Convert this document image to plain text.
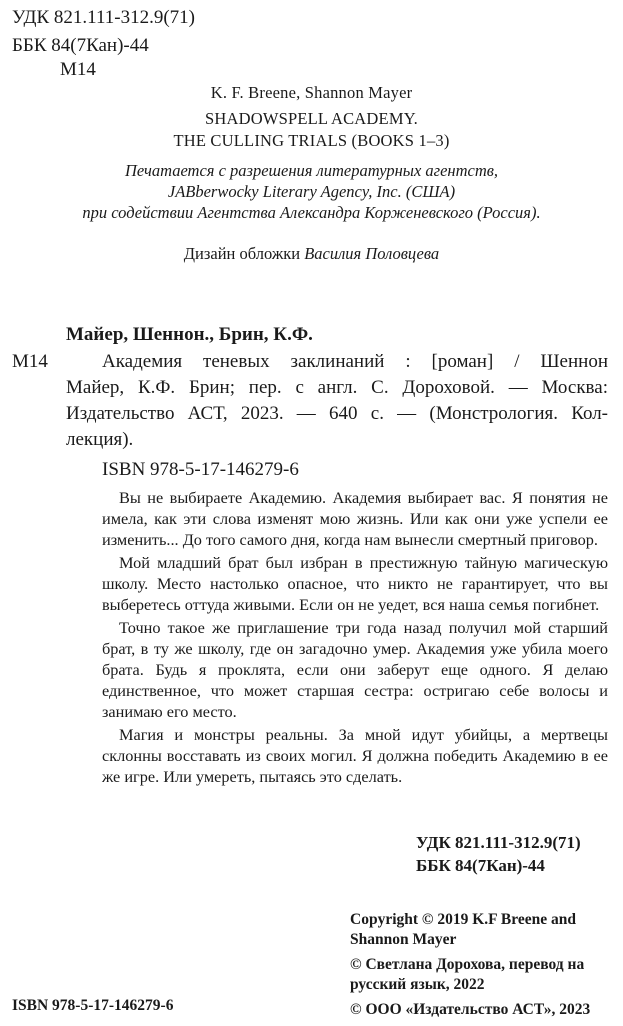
УДК 821.111-312.9(71)
ББК 84(7Кан)-44
М14
K. F. Breene, Shannon Mayer
SHADOWSPELL ACADEMY.
THE CULLING TRIALS (BOOKS 1–3)
Печатается с разрешения литературных агентств,
JABberwocky Literary Agency, Inc. (США)
при содействии Агентства Александра Корженевского (Россия).
Дизайн обложки Василия Половцева
Майер, Шеннон., Брин, К.Ф.
М14	Академия теневых заклинаний : [роман] / Шеннон
Майер, К.Ф. Брин; пер. с англ. С. Дороховой. — Москва:
Издательство АСТ, 2023. — 640 с. — (Монстрология. Кол-
лекция).
ISBN 978-5-17-146279-6

Вы не выбираете Академию. Академия выбирает вас. Я понятия не имела, как эти слова изменят мою жизнь. Или как они уже успели ее изменить... До того самого дня, когда нам вынесли смертный приговор.

Мой младший брат был избран в престижную тайную магическую школу. Место настолько опасное, что никто не гарантирует, что вы выберетесь оттуда живыми. Если он не уедет, вся наша семья погибнет.

Точно такое же приглашение три года назад получил мой старший брат, в ту же школу, где он загадочно умер. Академия уже убила моего брата. Будь я проклята, если они заберут еще одного. Я делаю единственное, что может старшая сестра: остригаю себе волосы и занимаю его место.

Магия и монстры реальны. За мной идут убийцы, а мертвецы склонны восставать из своих могил. Я должна победить Академию в ее же игре. Или умереть, пытаясь это сделать.

УДК 821.111-312.9(71)
ББК 84(7Кан)-44

Copyright © 2019 K.F Breene and Shannon Mayer

© Светлана Дорохова, перевод на русский язык, 2022

© ООО «Издательство АСТ», 2023

ISBN 978-5-17-146279-6
